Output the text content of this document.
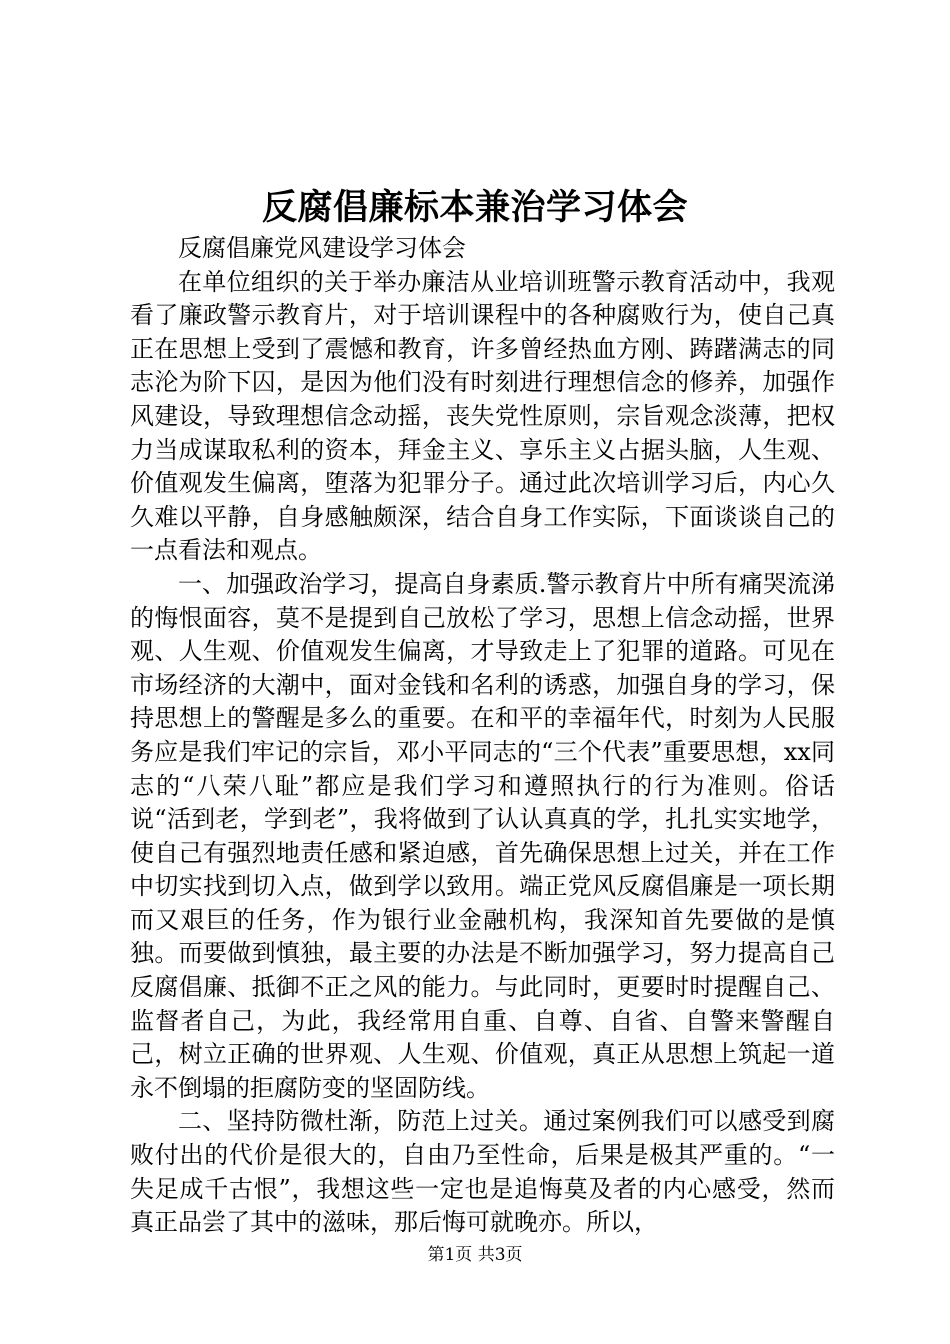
反腐倡廉标本兼治学习体会

反腐倡廉党风建设学习体会

在单位组织的关于举办廉洁从业培训班警示教育活动中，我观看了廉政警示教育片，对于培训课程中的各种腐败行为，使自己真正在思想上受到了震憾和教育，许多曾经热血方刚、踌躇满志的同志沦为阶下囚，是因为他们没有时刻进行理想信念的修养，加强作风建设，导致理想信念动摇，丧失党性原则，宗旨观念淡薄，把权力当成谋取私利的资本，拜金主义、享乐主义占据头脑，人生观、价值观发生偏离，堕落为犯罪分子。通过此次培训学习后，内心久久难以平静，自身感触颇深，结合自身工作实际，下面谈谈自己的一点看法和观点。

一、加强政治学习，提高自身素质.警示教育片中所有痛哭流涕的悔恨面容，莫不是提到自己放松了学习，思想上信念动摇，世界观、人生观、价值观发生偏离，才导致走上了犯罪的道路。可见在市场经济的大潮中，面对金钱和名利的诱惑，加强自身的学习，保持思想上的警醒是多么的重要。在和平的幸福年代，时刻为人民服务应是我们牢记的宗旨，邓小平同志的“三个代表”重要思想，xx同志的“八荣八耻”都应是我们学习和遵照执行的行为准则。俗话说“活到老，学到老”，我将做到了认认真真的学，扎扎实实地学，使自己有强烈地责任感和紧迫感，首先确保思想上过关，并在工作中切实找到切入点，做到学以致用。端正党风反腐倡廉是一项长期而又艰巨的任务，作为银行业金融机构，我深知首先要做的是慎独。而要做到慎独，最主要的办法是不断加强学习，努力提高自己反腐倡廉、抵御不正之风的能力。与此同时，更要时时提醒自己、监督者自己，为此，我经常用自重、自尊、自省、自警来警醒自己，树立正确的世界观、人生观、价值观，真正从思想上筑起一道永不倒塌的拒腐防变的坚固防线。

二、坚持防微杜渐，防范上过关。通过案例我们可以感受到腐败付出的代价是很大的，自由乃至性命，后果是极其严重的。“一失足成千古恨”，我想这些一定也是追悔莫及者的内心感受，然而真正品尝了其中的滋味，那后悔可就晚亦。所以，

第1页 共3页
